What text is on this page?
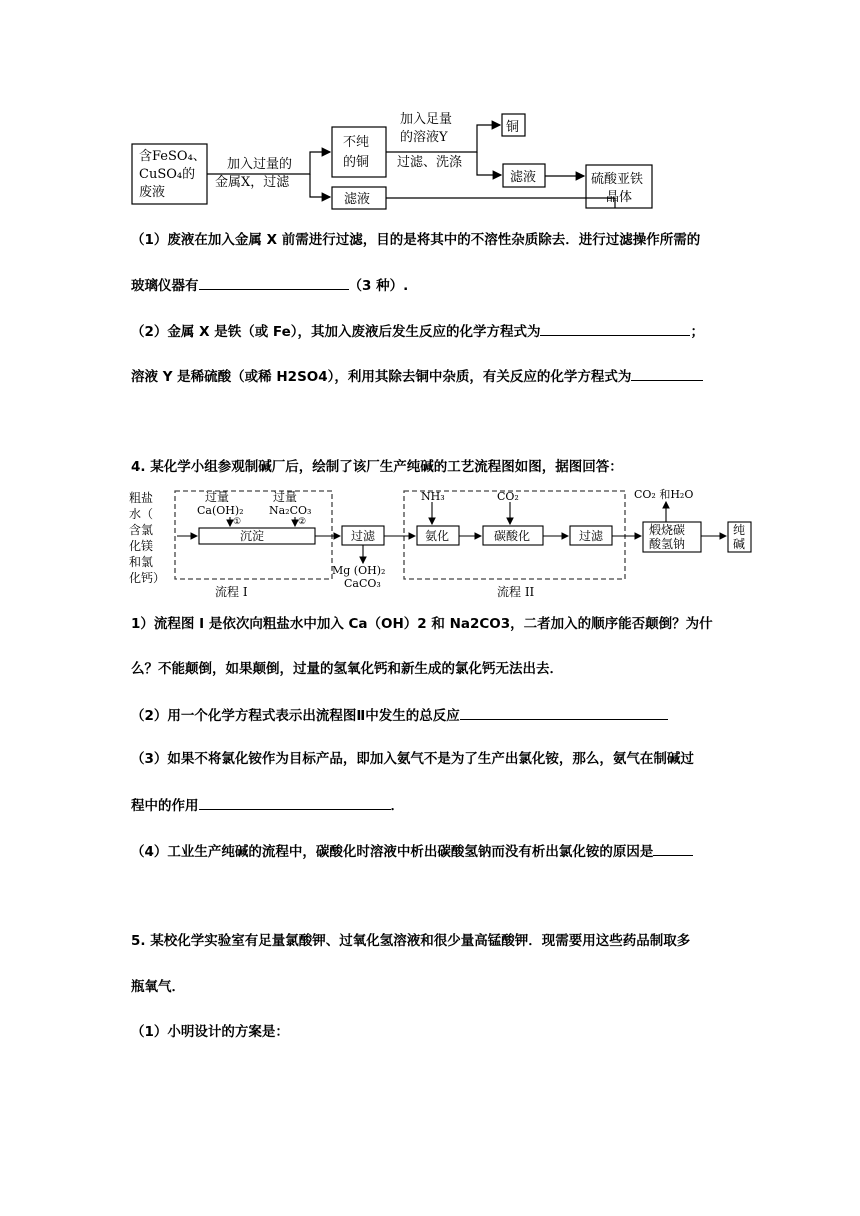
含FeSO₄、
CuSO₄的
废液
加入过量的
金属X，过滤
不纯
的铜
加入足量
的溶液Y
过滤、洗涤
铜
滤液
滤液
硫酸亚铁
晶体
（1）废液在加入金属 X 前需进行过滤，目的是将其中的不溶性杂质除去．进行过滤操作所需的
玻璃仪器有	（3 种）.
（2）金属 X 是铁（或 Fe），其加入废液后发生反应的化学方程式为	；
溶液 Y 是稀硫酸（或稀 H2SO4），利用其除去铜中杂质，有关反应的化学方程式为
4. 某化学小组参观制碱厂后，绘制了该厂生产纯碱的工艺流程图如图，据图回答：
粗盐
水（
含氯
化镁
和氯
化钙）
过量	过量
Ca(OH)₂ Na₂CO₃
①	②
沉淀	过滤
Mg (OH)₂
CaCO₃
NH₃	CO₂
氨化	碳酸化	过滤
CO₂ 和H₂O
煅烧碳
酸氢钠
纯
碱
流程 I	流程 II
1）流程图 I 是依次向粗盐水中加入 Ca（OH）2 和 Na2CO3，二者加入的顺序能否颠倒？为什
么？不能颠倒，如果颠倒，过量的氢氧化钙和新生成的氯化钙无法出去．
（2）用一个化学方程式表示出流程图Ⅱ中发生的总反应
（3）如果不将氯化铵作为目标产品，即加入氨气不是为了生产出氯化铵，那么，氨气在制碱过
程中的作用	．
（4）工业生产纯碱的流程中，碳酸化时溶液中析出碳酸氢钠而没有析出氯化铵的原因是
5. 某校化学实验室有足量氯酸钾、过氧化氢溶液和很少量高锰酸钾．现需要用这些药品制取多
瓶氧气．
（1）小明设计的方案是：
